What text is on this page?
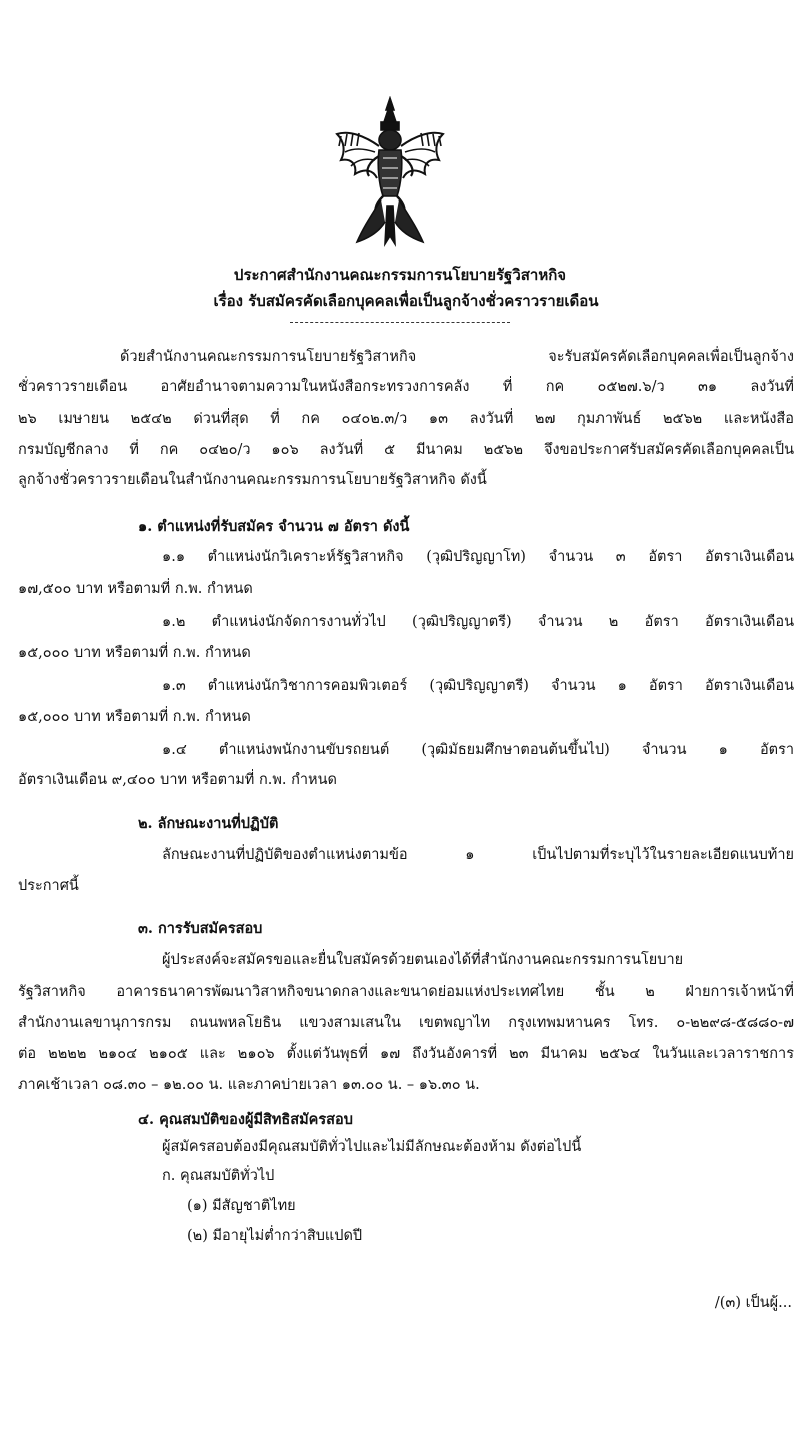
ประกาศสำนักงานคณะกรรมการนโยบายรัฐวิสาหกิจ
เรื่อง รับสมัครคัดเลือกบุคคลเพื่อเป็นลูกจ้างชั่วคราวรายเดือน
ด้วยสำนักงานคณะกรรมการนโยบายรัฐวิสาหกิจ จะรับสมัครคัดเลือกบุคคลเพื่อเป็นลูกจ้าง
ชั่วคราวรายเดือน อาศัยอำนาจตามความในหนังสือกระทรวงการคลัง ที่ กค ๐๕๒๗.๖/ว ๓๑ ลงวันที่
๒๖ เมษายน ๒๕๔๒ ด่วนที่สุด ที่ กค ๐๔๐๒.๓/ว ๑๓ ลงวันที่ ๒๗ กุมภาพันธ์ ๒๕๖๒ และหนังสือ
กรมบัญชีกลาง ที่ กค ๐๔๒๐/ว ๑๐๖ ลงวันที่ ๕ มีนาคม ๒๕๖๒ จึงขอประกาศรับสมัครคัดเลือกบุคคลเป็น
ลูกจ้างชั่วคราวรายเดือนในสำนักงานคณะกรรมการนโยบายรัฐวิสาหกิจ ดังนี้
๑. ตำแหน่งที่รับสมัคร จำนวน ๗ อัตรา ดังนี้
๑.๑ ตำแหน่งนักวิเคราะห์รัฐวิสาหกิจ (วุฒิปริญญาโท) จำนวน ๓ อัตรา อัตราเงินเดือน
๑๗,๕๐๐ บาท หรือตามที่ ก.พ. กำหนด
๑.๒ ตำแหน่งนักจัดการงานทั่วไป (วุฒิปริญญาตรี) จำนวน ๒ อัตรา อัตราเงินเดือน
๑๕,๐๐๐ บาท หรือตามที่ ก.พ. กำหนด
๑.๓ ตำแหน่งนักวิชาการคอมพิวเตอร์ (วุฒิปริญญาตรี) จำนวน ๑ อัตรา อัตราเงินเดือน
๑๕,๐๐๐ บาท หรือตามที่ ก.พ. กำหนด
๑.๔ ตำแหน่งพนักงานขับรถยนต์ (วุฒิมัธยมศึกษาตอนต้นขึ้นไป) จำนวน ๑ อัตรา
อัตราเงินเดือน ๙,๔๐๐ บาท หรือตามที่ ก.พ. กำหนด
๒. ลักษณะงานที่ปฏิบัติ
ลักษณะงานที่ปฏิบัติของตำแหน่งตามข้อ ๑ เป็นไปตามที่ระบุไว้ในรายละเอียดแนบท้าย
ประกาศนี้
๓. การรับสมัครสอบ
ผู้ประสงค์จะสมัครขอและยื่นใบสมัครด้วยตนเองได้ที่สำนักงานคณะกรรมการนโยบาย
รัฐวิสาหกิจ อาคารธนาคารพัฒนาวิสาหกิจขนาดกลางและขนาดย่อมแห่งประเทศไทย ชั้น ๒ ฝ่ายการเจ้าหน้าที่
สำนักงานเลขานุการกรม ถนนพหลโยธิน แขวงสามเสนใน เขตพญาไท กรุงเทพมหานคร โทร. ๐-๒๒๙๘-๕๘๘๐-๗
ต่อ ๒๒๒๒ ๒๑๐๔ ๒๑๐๕ และ ๒๑๐๖ ตั้งแต่วันพุธที่ ๑๗ ถึงวันอังคารที่ ๒๓ มีนาคม ๒๕๖๔ ในวันและเวลาราชการ
ภาคเช้าเวลา ๐๘.๓๐ – ๑๒.๐๐ น. และภาคบ่ายเวลา ๑๓.๐๐ น. – ๑๖.๓๐ น.
๔. คุณสมบัติของผู้มีสิทธิสมัครสอบ
ผู้สมัครสอบต้องมีคุณสมบัติทั่วไปและไม่มีลักษณะต้องห้าม ดังต่อไปนี้
ก. คุณสมบัติทั่วไป
(๑) มีสัญชาติไทย
(๒) มีอายุไม่ต่ำกว่าสิบแปดปี
/(๓) เป็นผู้...
